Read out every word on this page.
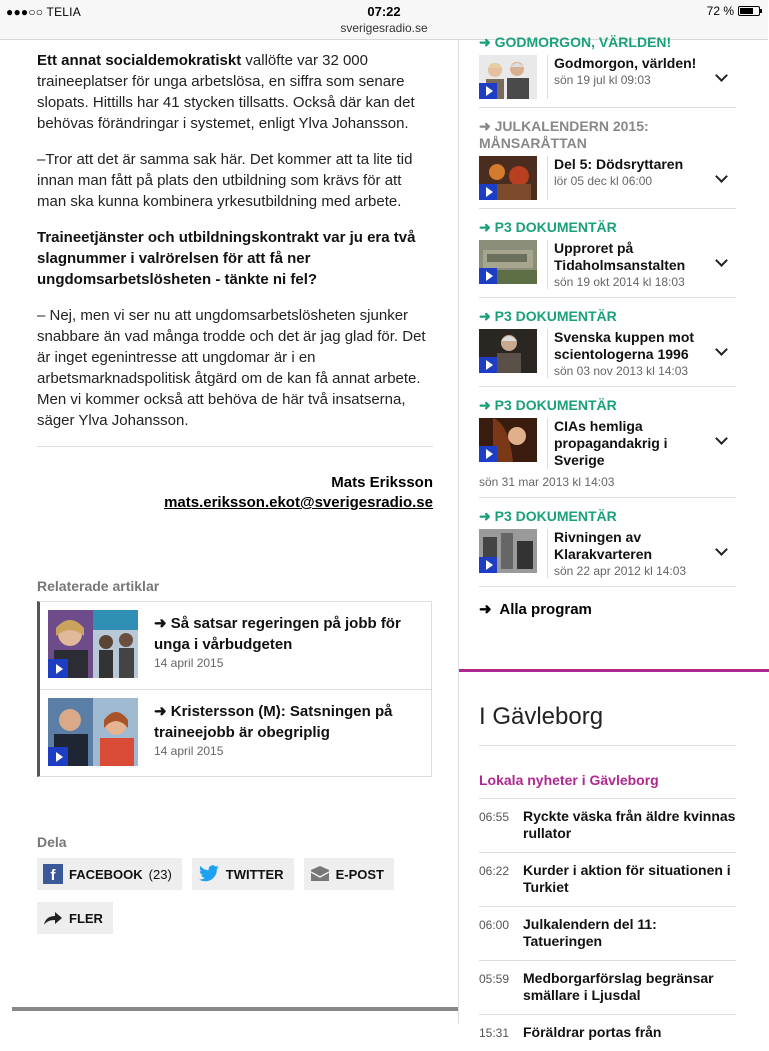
●●●○○ TELIA	07:22
sverigesradio.se
72 %

Ett annat socialdemokratiskt vallöfte var 32 000 traineeplatser för unga arbetslösa, en siffra som senare slopats. Hittills har 41 stycken tillsatts. Också där kan det behövas förändringar i systemet, enligt Ylva Johansson.

–Tror att det är samma sak här. Det kommer att ta lite tid innan man fått på plats den utbildning som krävs för att man ska kunna kombinera yrkesutbildning med arbete.

Traineetjänster och utbildningskontrakt var ju era två slagnummer i valrörelsen för att få ner ungdomsarbetslösheten - tänkte ni fel?

– Nej, men vi ser nu att ungdomsarbetslösheten sjunker snabbare än vad många trodde och det är jag glad för. Det är inget egenintresse att ungdomar är i en arbetsmarknadspolitisk åtgärd om de kan få annat arbete. Men vi kommer också att behöva de här två insatserna, säger Ylva Johansson.

Mats Eriksson
mats.eriksson.ekot@sverigesradio.se
Relaterade artiklar
➜ Så satsar regeringen på jobb för unga i vårbudgeten
14 april 2015
➜ Kristersson (M): Satsningen på traineejobb är obegriplig
14 april 2015
Dela
f	FACEBOOK (23)	TWITTER	E-POST
FLER
➜ GODMORGON, VÄRLDEN!
Godmorgon, världen!
sön 19 jul kl 09:03
➜ JULKALENDERN 2015: MÅNSARÅTTAN
Del 5: Dödsryttaren
lör 05 dec kl 06:00
➜ P3 DOKUMENTÄR
Upproret på Tidaholmsanstalten
sön 19 okt 2014 kl 18:03
➜ P3 DOKUMENTÄR
Svenska kuppen mot scientologerna 1996
sön 03 nov 2013 kl 14:03
➜ P3 DOKUMENTÄR
CIAs hemliga propagandakrig i Sverige
sön 31 mar 2013 kl 14:03
➜ P3 DOKUMENTÄR
Rivningen av Klarakvarteren
sön 22 apr 2012 kl 14:03
➜  Alla program
I Gävleborg
Lokala nyheter i Gävleborg
06:55 Ryckte väska från äldre kvinnas rullator
06:22 Kurder i aktion för situationen i Turkiet
06:00 Julkalendern del 11: Tatueringen
05:59 Medborgarförslag begränsar smällare i Ljusdal
15:31 Föräldrar portas från
